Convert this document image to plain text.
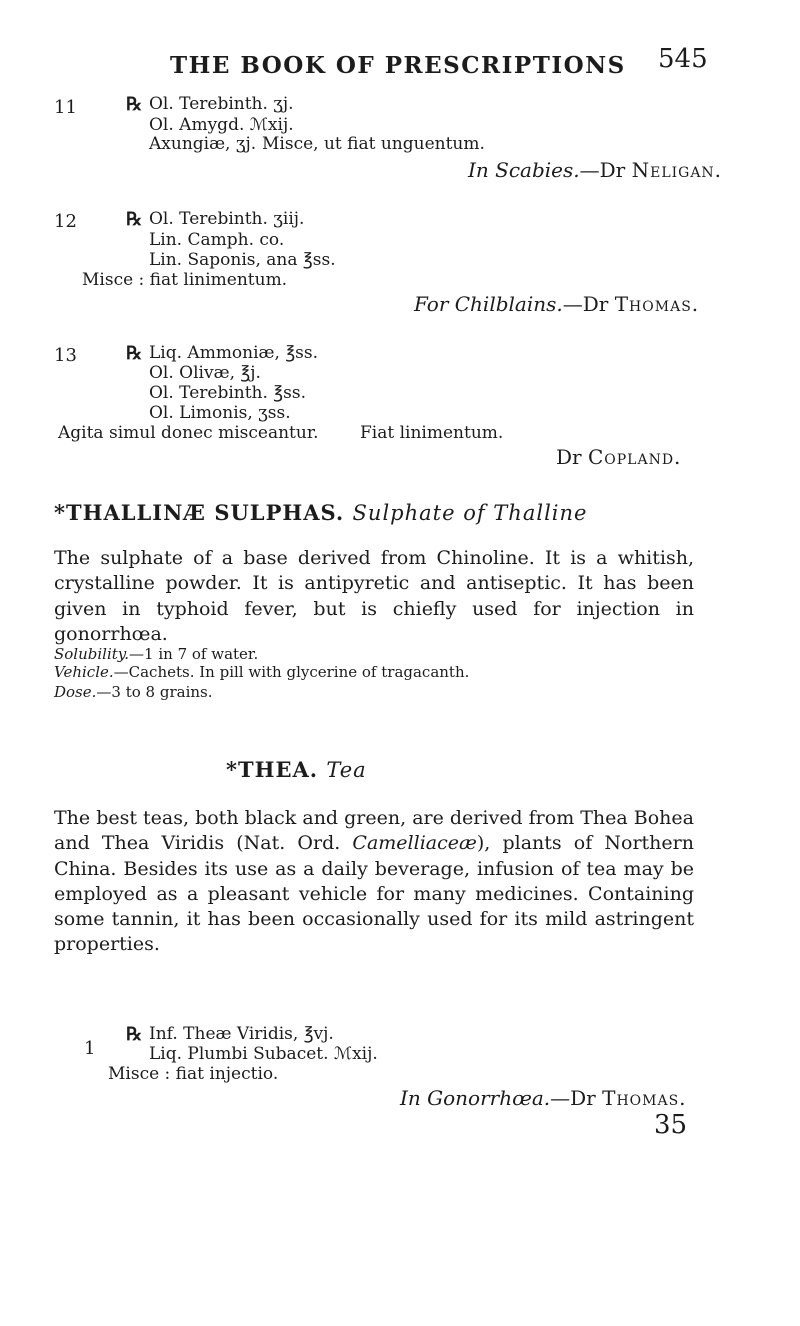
THE BOOK OF PRESCRIPTIONS 545
11	℞ Ol. Terebinth. ʒj.
Ol. Amygd. ℳxij.
Axungiæ, ʒj. Misce, ut fiat unguentum.
In Scabies.—Dr Neligan.
12	℞ Ol. Terebinth. ʒiij.
Lin. Camph. co.
Lin. Saponis, ana ℥ss.
Misce : fiat linimentum.
For Chilblains.—Dr Thomas.
13	℞ Liq. Ammoniæ, ℥ss.
Ol. Olivæ, ℥j.
Ol. Terebinth. ℥ss.
Ol. Limonis, ʒss.
Agita simul donec misceantur. Fiat linimentum.
Dr Copland.
*THALLINÆ SULPHAS. Sulphate of Thalline
The sulphate of a base derived from Chinoline. It is a whitish, crystalline powder. It is antipyretic and antiseptic. It has been given in typhoid fever, but is chiefly used for injection in gonorrhœa.
Solubility.—1 in 7 of water.
Vehicle.—Cachets. In pill with glycerine of tragacanth.
Dose.—3 to 8 grains.
*THEA. Tea
The best teas, both black and green, are derived from Thea Bohea and Thea Viridis (Nat. Ord. Camelliaceæ), plants of Northern China. Besides its use as a daily beverage, infusion of tea may be employed as a pleasant vehicle for many medicines. Containing some tannin, it has been occasionally used for its mild astringent properties.
1
℞ Inf. Theæ Viridis, ℥vj.
Liq. Plumbi Subacet. ℳxij.
Misce : fiat injectio.
In Gonorrhœa.—Dr Thomas.
35
